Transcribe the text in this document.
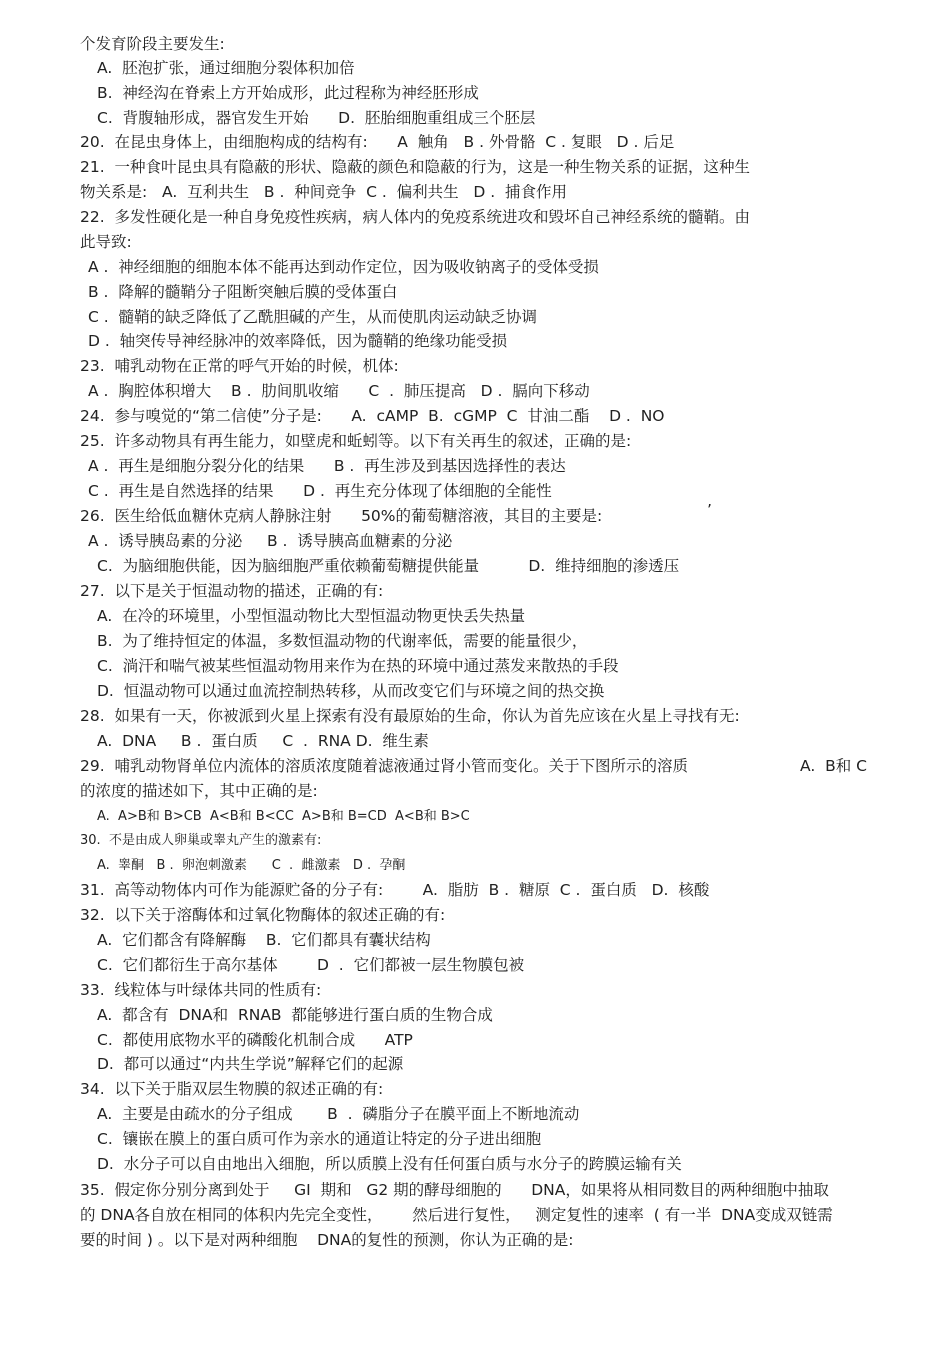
个发育阶段主要发生:
A.  胚泡扩张，通过细胞分裂体积加倍
B.  神经沟在脊索上方开始成形，此过程称为神经胚形成
C.  背腹轴形成，器官发生开始      D.  胚胎细胞重组成三个胚层
20.  在昆虫身体上，由细胞构成的结构有:      A  触角   B . 外骨骼  C . 复眼   D . 后足
21.  一种食叶昆虫具有隐蔽的形状、隐蔽的颜色和隐蔽的行为，这是一种生物关系的证据，这种生
物关系是:   A.  互利共生   B .  种间竞争  C .  偏利共生   D .  捕食作用
22.  多发性硬化是一种自身免疫性疾病，病人体内的免疫系统进攻和毁坏自己神经系统的髓鞘。由
此导致:
A .  神经细胞的细胞本体不能再达到动作定位，因为吸收钠离子的受体受损
B .  降解的髓鞘分子阻断突触后膜的受体蛋白
C .  髓鞘的缺乏降低了乙酰胆碱的产生，从而使肌肉运动缺乏协调
D .  轴突传导神经脉冲的效率降低，因为髓鞘的绝缘功能受损
23.  哺乳动物在正常的呼气开始的时候，机体:
A .  胸腔体积增大    B .  肋间肌收缩      C  .  肺压提高   D .  膈向下移动
24.  参与嗅觉的“第二信使”分子是:      A.  cAMP  B.  cGMP  C  甘油二酯    D .  NO
25.  许多动物具有再生能力，如壁虎和蚯蚓等。以下有关再生的叙述，正确的是:
A .  再生是细胞分裂分化的结果      B .  再生涉及到基因选择性的表达
C .  再生是自然选择的结果      D .  再生充分体现了体细胞的全能性
26.  医生给低血糖休克病人静脉注射      50%的葡萄糖溶液，其目的主要是:	’
A .  诱导胰岛素的分泌     B .  诱导胰高血糖素的分泌
C.  为脑细胞供能，因为脑细胞严重依赖葡萄糖提供能量          D.  维持细胞的渗透压
27.  以下是关于恒温动物的描述，正确的有:
A.  在冷的环境里，小型恒温动物比大型恒温动物更快丢失热量
B.  为了维持恒定的体温，多数恒温动物的代谢率低，需要的能量很少，
C.  淌汗和喘气被某些恒温动物用来作为在热的环境中通过蒸发来散热的手段
D.  恒温动物可以通过血流控制热转移，从而改变它们与环境之间的热交换
28.  如果有一天，你被派到火星上探索有没有最原始的生命，你认为首先应该在火星上寻找有无:
A.  DNA     B .  蛋白质     C  .  RNA D.  维生素
29.  哺乳动物肾单位内流体的溶质浓度随着滤液通过肾小管而变化。关于下图所示的溶质	A.  B和 C
的浓度的描述如下，其中正确的是:
A.  A>B和 B>CB  A<B和 B<CC  A>B和 B=CD  A<B和 B>C
30.  不是由成人卵巢或睾丸产生的激素有:
A.  睾酮   B .  卵泡刺激素      C  .  雌激素   D .  孕酮
31.  高等动物体内可作为能源贮备的分子有:        A.  脂肪  B .  糖原  C .  蛋白质   D.  核酸
32.  以下关于溶酶体和过氧化物酶体的叙述正确的有:
A.  它们都含有降解酶    B.  它们都具有囊状结构
C.  它们都衍生于高尔基体        D  .  它们都被一层生物膜包被
33.  线粒体与叶绿体共同的性质有:
A.  都含有  DNA和  RNAB  都能够进行蛋白质的生物合成
C.  都使用底物水平的磷酸化机制合成      ATP
D.  都可以通过“内共生学说”解释它们的起源
34.  以下关于脂双层生物膜的叙述正确的有:
A.  主要是由疏水的分子组成       B  .  磷脂分子在膜平面上不断地流动
C.  镶嵌在膜上的蛋白质可作为亲水的通道让特定的分子进出细胞
D.  水分子可以自由地出入细胞，所以质膜上没有任何蛋白质与水分子的跨膜运输有关
35.  假定你分别分离到处于     GI  期和   G2 期的酵母细胞的      DNA，如果将从相同数目的两种细胞中抽取
的 DNA各自放在相同的体积内先完全变性，      然后进行复性，   测定复性的速率  ( 有一半  DNA变成双链需
要的时间 ) 。以下是对两种细胞    DNA的复性的预测，你认为正确的是:
